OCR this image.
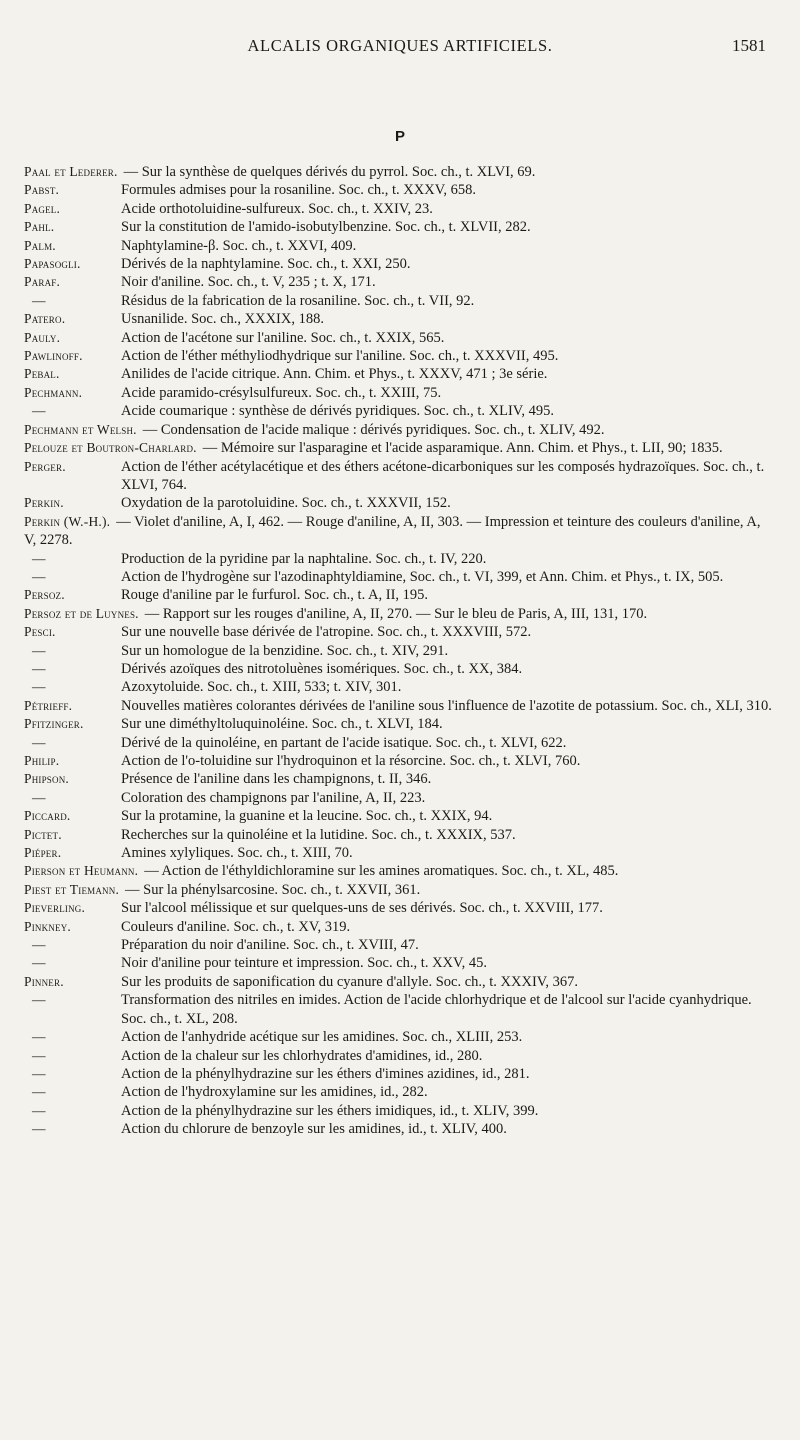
ALCALIS ORGANIQUES ARTIFICIELS.	1581
P
Paal et Lederer. — Sur la synthèse de quelques dérivés du pyrrol. Soc. ch., t. XLVI, 69.
Pabst.	Formules admises pour la rosaniline. Soc. ch., t. XXXV, 658.
Pagel.	Acide orthotoluidine-sulfureux. Soc. ch., t. XXIV, 23.
Pahl.	Sur la constitution de l'amido-isobutylbenzine. Soc. ch., t. XLVII, 282.
Palm.	Naphtylamine-β. Soc. ch., t. XXVI, 409.
Papasogli.	Dérivés de la naphtylamine. Soc. ch., t. XXI, 250.
Paraf.	Noir d'aniline. Soc. ch., t. V, 235 ; t. X, 171.
—	Résidus de la fabrication de la rosaniline. Soc. ch., t. VII, 92.
Patero.	Usnanilide. Soc. ch., XXXIX, 188.
Pauly.	Action de l'acétone sur l'aniline. Soc. ch., t. XXIX, 565.
Pawlinoff.	Action de l'éther méthyliodhydrique sur l'aniline. Soc. ch., t. XXXVII, 495.
Pebal.	Anilides de l'acide citrique. Ann. Chim. et Phys., t. XXXV, 471 ; 3e série.
Pechmann.	Acide paramido-crésylsulfureux. Soc. ch., t. XXIII, 75.
—	Acide coumarique : synthèse de dérivés pyridiques. Soc. ch., t. XLIV, 495.
Pechmann et Welsh. — Condensation de l'acide malique : dérivés pyridiques. Soc. ch., t. XLIV, 492.
Pelouze et Boutron-Charlard. — Mémoire sur l'asparagine et l'acide asparamique. Ann. Chim. et Phys., t. LII, 90; 1835.
Perger.	Action de l'éther acétylacétique et des éthers acétone-dicarboniques sur les composés hydrazoïques. Soc. ch., t. XLVI, 764.
Perkin.	Oxydation de la parotoluidine. Soc. ch., t. XXXVII, 152.
Perkin (W.-H.). — Violet d'aniline, A, I, 462. — Rouge d'aniline, A, II, 303. — Impression et teinture des couleurs d'aniline, A, V, 2278.
—	Production de la pyridine par la naphtaline. Soc. ch., t. IV, 220.
—	Action de l'hydrogène sur l'azodinaphtyldiamine, Soc. ch., t. VI, 399, et Ann. Chim. et Phys., t. IX, 505.
Persoz.	Rouge d'aniline par le furfurol. Soc. ch., t. A, II, 195.
Persoz et de Luynes. — Rapport sur les rouges d'aniline, A, II, 270. — Sur le bleu de Paris, A, III, 131, 170.
Pesci.	Sur une nouvelle base dérivée de l'atropine. Soc. ch., t. XXXVIII, 572.
—	Sur un homologue de la benzidine. Soc. ch., t. XIV, 291.
—	Dérivés azoïques des nitrotoluènes isomériques. Soc. ch., t. XX, 384.
—	Azoxytoluide. Soc. ch., t. XIII, 533; t. XIV, 301.
Pétrieff.	Nouvelles matières colorantes dérivées de l'aniline sous l'influence de l'azotite de potassium. Soc. ch., XLI, 310.
Pfitzinger.	Sur une diméthyltoluquinoléine. Soc. ch., t. XLVI, 184.
—	Dérivé de la quinoléine, en partant de l'acide isatique. Soc. ch., t. XLVI, 622.
Philip.	Action de l'o-toluidine sur l'hydroquinon et la résorcine. Soc. ch., t. XLVI, 760.
Phipson.	Présence de l'aniline dans les champignons, t. II, 346.
—	Coloration des champignons par l'aniline, A, II, 223.
Piccard.	Sur la protamine, la guanine et la leucine. Soc. ch., t. XXIX, 94.
Pictet.	Recherches sur la quinoléine et la lutidine. Soc. ch., t. XXXIX, 537.
Piéper.	Amines xylyliques. Soc. ch., t. XIII, 70.
Pierson et Heumann. — Action de l'éthyldichloramine sur les amines aromatiques. Soc. ch., t. XL, 485.
Piest et Tiemann. — Sur la phénylsarcosine. Soc. ch., t. XXVII, 361.
Pieverling.	Sur l'alcool mélissique et sur quelques-uns de ses dérivés. Soc. ch., t. XXVIII, 177.
Pinkney.	Couleurs d'aniline. Soc. ch., t. XV, 319.
—	Préparation du noir d'aniline. Soc. ch., t. XVIII, 47.
—	Noir d'aniline pour teinture et impression. Soc. ch., t. XXV, 45.
Pinner.	Sur les produits de saponification du cyanure d'allyle. Soc. ch., t. XXXIV, 367.
—	Transformation des nitriles en imides. Action de l'acide chlorhydrique et de l'alcool sur l'acide cyanhydrique. Soc. ch., t. XL, 208.
—	Action de l'anhydride acétique sur les amidines. Soc. ch., XLIII, 253.
—	Action de la chaleur sur les chlorhydrates d'amidines, id., 280.
—	Action de la phénylhydrazine sur les éthers d'imines azidines, id., 281.
—	Action de l'hydroxylamine sur les amidines, id., 282.
—	Action de la phénylhydrazine sur les éthers imidiques, id., t. XLIV, 399.
—	Action du chlorure de benzoyle sur les amidines, id., t. XLIV, 400.
